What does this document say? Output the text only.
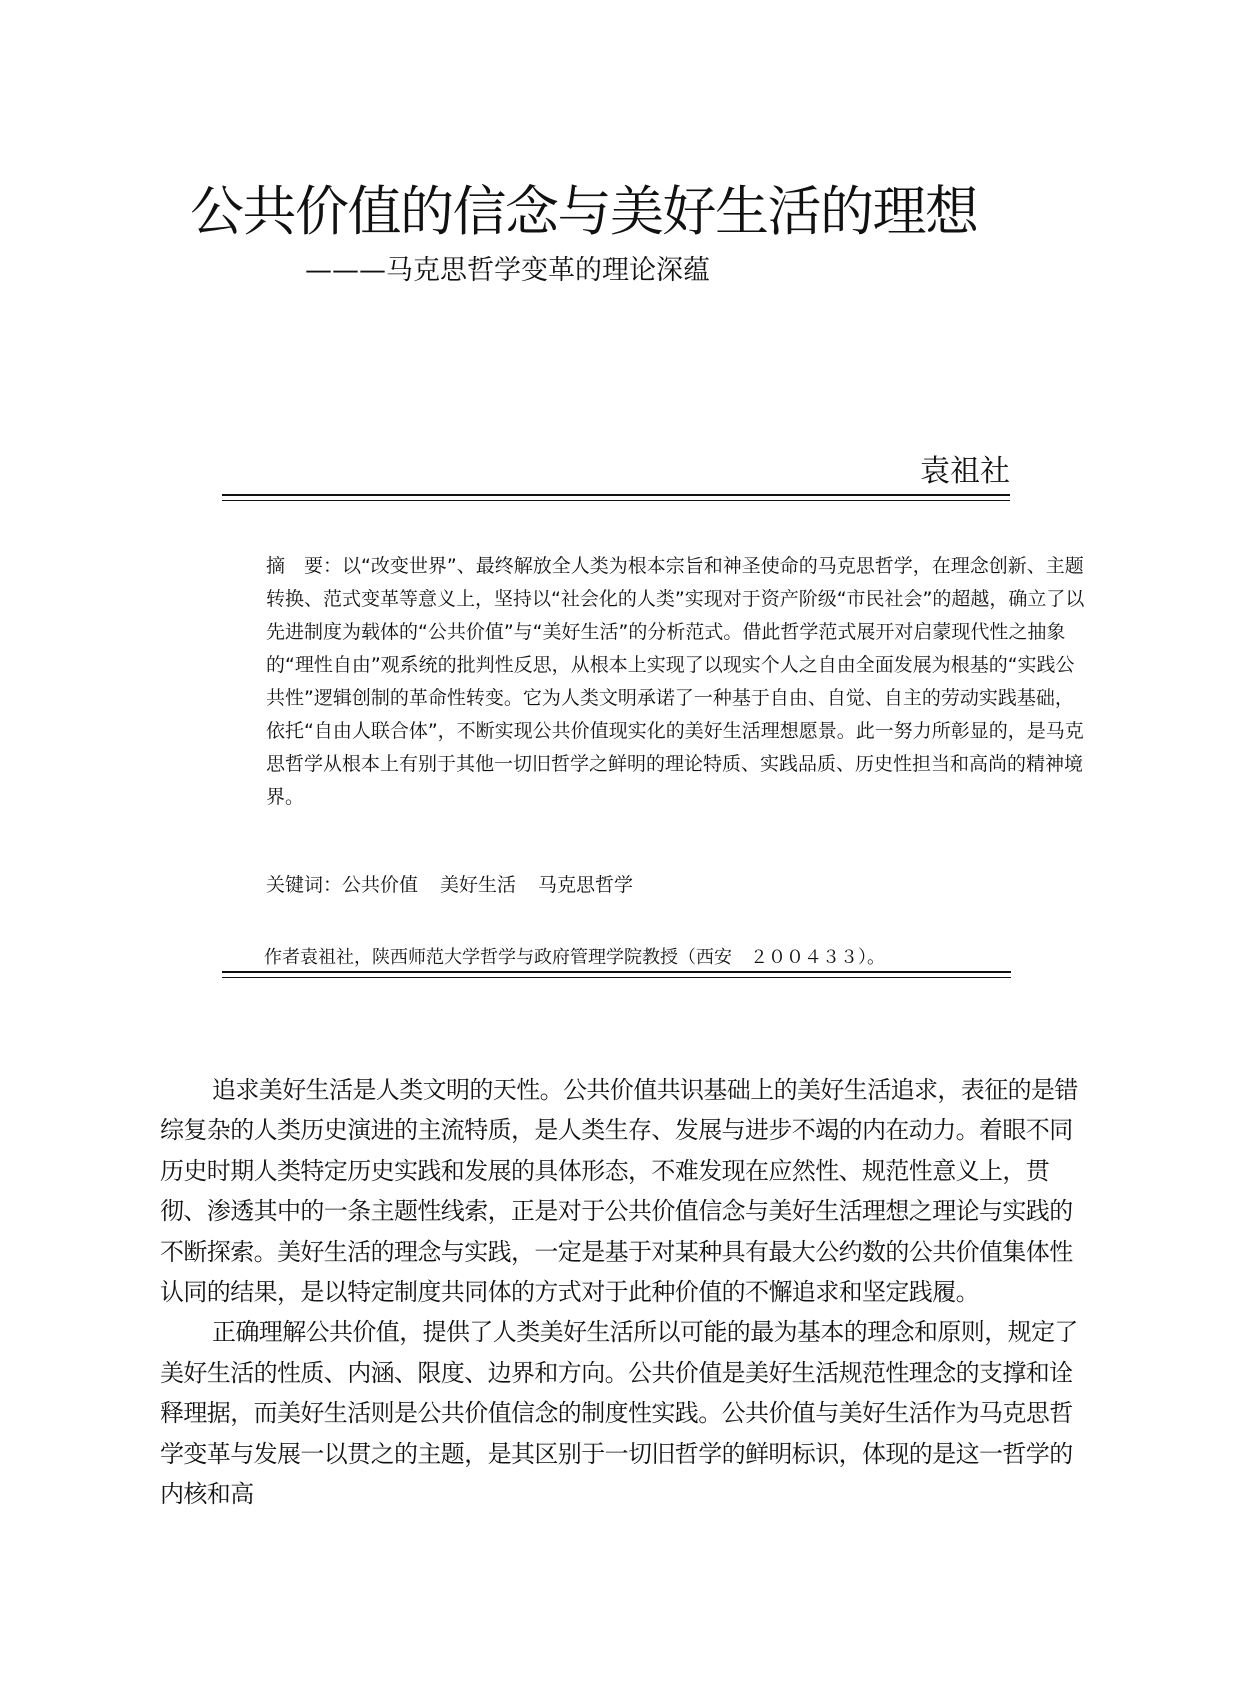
公共价值的信念与美好生活的理想
———马克思哲学变革的理论深蕴
袁祖社

摘　要：以“改变世界”、最终解放全人类为根本宗旨和神圣使命的马克思哲学，在理念创新、主题转换、范式变革等意义上，坚持以“社会化的人类”实现对于资产阶级“市民社会”的超越，确立了以先进制度为载体的“公共价值”与“美好生活”的分析范式。借此哲学范式展开对启蒙现代性之抽象的“理性自由”观系统的批判性反思，从根本上实现了以现实个人之自由全面发展为根基的“实践公共性”逻辑创制的革命性转变。它为人类文明承诺了一种基于自由、自觉、自主的劳动实践基础，依托“自由人联合体”，不断实现公共价值现实化的美好生活理想愿景。此一努力所彰显的，是马克思哲学从根本上有别于其他一切旧哲学之鲜明的理论特质、实践品质、历史性担当和高尚的精神境界。

关键词：公共价值 美好生活 马克思哲学
作者袁祖社，陕西师范大学哲学与政府管理学院教授（西安　２００４３３）。

追求美好生活是人类文明的天性。公共价值共识基础上的美好生活追求，表征的是错综复杂的人类历史演进的主流特质，是人类生存、发展与进步不竭的内在动力。着眼不同历史时期人类特定历史实践和发展的具体形态，不难发现在应然性、规范性意义上，贯彻、渗透其中的一条主题性线索，正是对于公共价值信念与美好生活理想之理论与实践的不断探索。美好生活的理念与实践，一定是基于对某种具有最大公约数的公共价值集体性认同的结果，是以特定制度共同体的方式对于此种价值的不懈追求和坚定践履。

正确理解公共价值，提供了人类美好生活所以可能的最为基本的理念和原则，规定了美好生活的性质、内涵、限度、边界和方向。公共价值是美好生活规范性理念的支撑和诠释理据，而美好生活则是公共价值信念的制度性实践。公共价值与美好生活作为马克思哲学变革与发展一以贯之的主题，是其区别于一切旧哲学的鲜明标识，体现的是这一哲学的内核和高
